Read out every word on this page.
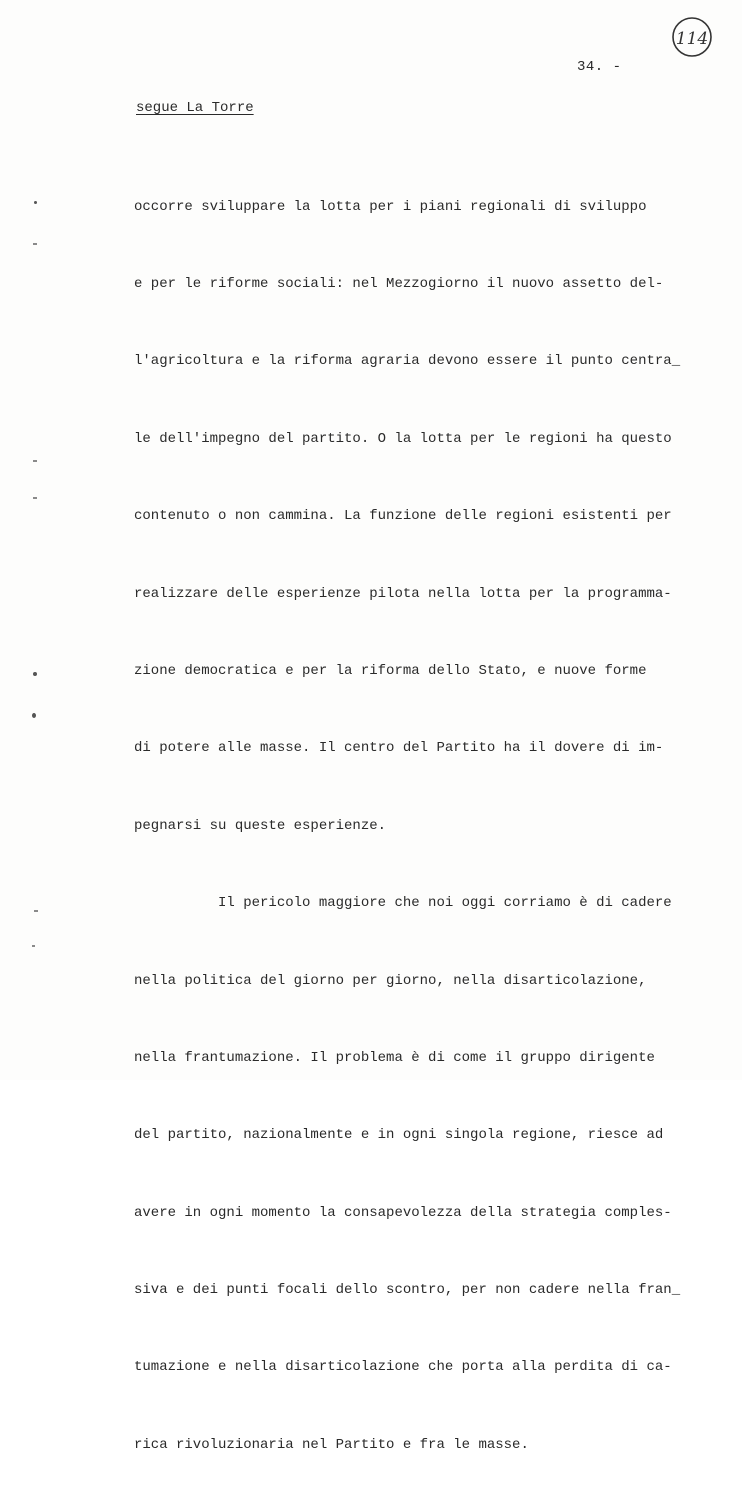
114
34. -
segue La Torre

occorre sviluppare la lotta per i piani regionali di sviluppo

e per le riforme sociali: nel Mezzogiorno il nuovo assetto del-

l'agricoltura e la riforma agraria devono essere il punto centra_

le dell'impegno del partito. O la lotta per le regioni ha questo

contenuto o non cammina. La funzione delle regioni esistenti per

realizzare delle esperienze pilota nella lotta per la programma-

zione democratica e per la riforma dello Stato, e nuove forme

di potere alle masse. Il centro del Partito ha il dovere di im-

pegnarsi su queste esperienze.

Il pericolo maggiore che noi oggi corriamo è di cadere

nella politica del giorno per giorno, nella disarticolazione,

nella frantumazione. Il problema è di come il gruppo dirigente

del partito, nazionalmente e in ogni singola regione, riesce ad

avere in ogni momento la consapevolezza della strategia comples-

siva e dei punti focali dello scontro, per non cadere nella fran_

tumazione e nella disarticolazione che porta alla perdita di ca-

rica rivoluzionaria nel Partito e fra le masse.
